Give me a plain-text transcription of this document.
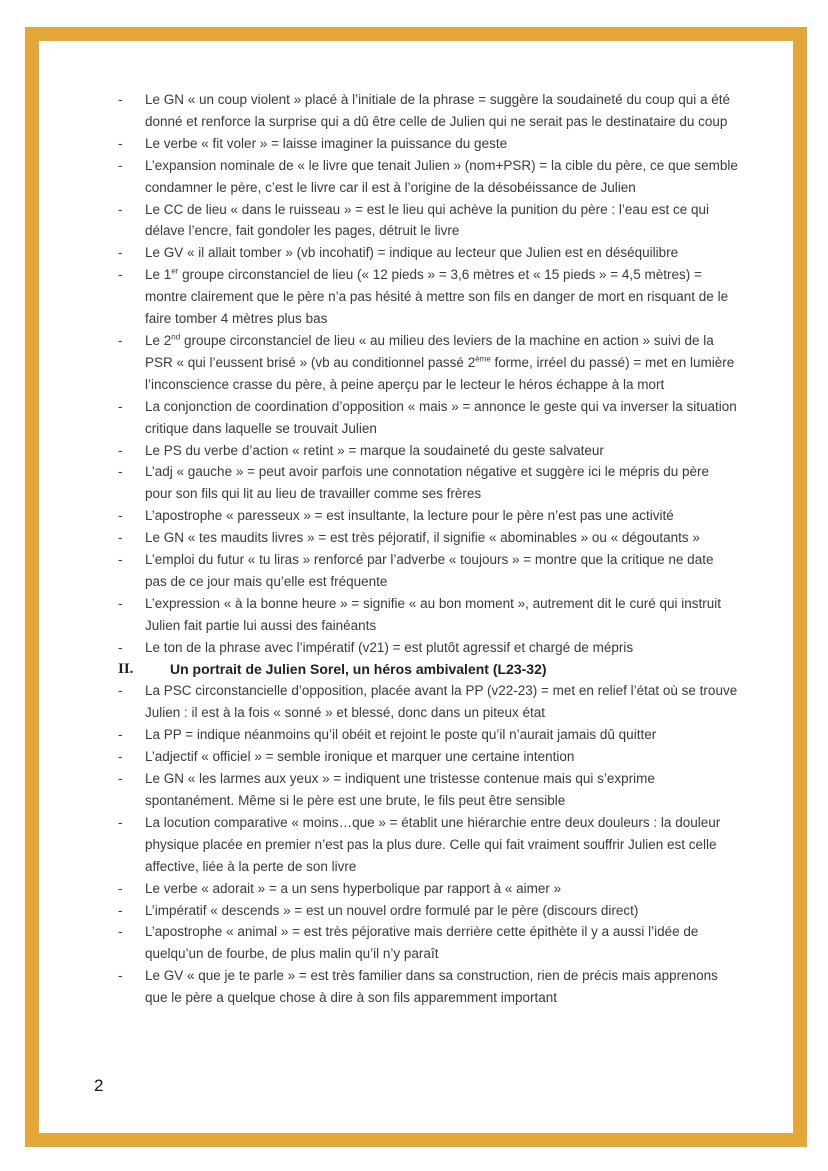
-	Le GN « un coup violent » placé à l’initiale de la phrase = suggère la soudaineté du coup qui a été donné et renforce la surprise qui a dû être celle de Julien qui ne serait pas le destinataire du coup
-	Le verbe « fit voler » = laisse imaginer la puissance du geste
-	L’expansion nominale de « le livre que tenait Julien » (nom+PSR) = la cible du père, ce que semble condamner le père, c’est le livre car il est à l’origine de la désobéissance de Julien
-	Le CC de lieu « dans le ruisseau » = est le lieu qui achève la punition du père : l’eau est ce qui délave l’encre, fait gondoler les pages, détruit le livre
-	Le GV « il allait tomber » (vb incohatif) = indique au lecteur que Julien est en déséquilibre
-	Le 1er groupe circonstanciel de lieu (« 12 pieds » = 3,6 mètres et « 15 pieds » = 4,5 mètres) = montre clairement que le père n’a pas hésité à mettre son fils en danger de mort en risquant de le faire tomber 4 mètres plus bas
-	Le 2nd groupe circonstanciel de lieu « au milieu des leviers de la machine en action » suivi de la PSR « qui l’eussent brisé » (vb au conditionnel passé 2ème forme, irréel du passé) = met en lumière l’inconscience crasse du père, à peine aperçu par le lecteur le héros échappe à la mort
-	La conjonction de coordination d’opposition « mais » = annonce le geste qui va inverser la situation critique dans laquelle se trouvait Julien
-	Le PS du verbe d’action « retint » = marque la soudaineté du geste salvateur
-	L’adj « gauche » = peut avoir parfois une connotation négative et suggère ici le mépris du père pour son fils qui lit au lieu de travailler comme ses frères
-	L’apostrophe « paresseux » = est insultante, la lecture pour le père n’est pas une activité
-	Le GN « tes maudits livres » = est très péjoratif, il signifie « abominables » ou « dégoutants »
-	L’emploi du futur « tu liras » renforcé par l’adverbe « toujours » = montre que la critique ne date pas de ce jour mais qu’elle est fréquente
-	L’expression « à la bonne heure » = signifie « au bon moment », autrement dit le curé qui instruit Julien fait partie lui aussi des fainéants
-	Le ton de la phrase avec l’impératif (v21) = est plutôt agressif et chargé de mépris
II.	Un portrait de Julien Sorel, un héros ambivalent (L23-32)
-	La PSC circonstancielle d’opposition, placée avant la PP (v22-23) = met en relief l’état où se trouve Julien : il est à la fois « sonné » et blessé, donc dans un piteux état
-	La PP = indique néanmoins qu’il obéit et rejoint le poste qu’il n’aurait jamais dû quitter
-	L’adjectif « officiel » = semble ironique et marquer une certaine intention
-	Le GN « les larmes aux yeux » = indiquent une tristesse contenue mais qui s’exprime spontanément. Même si le père est une brute, le fils peut être sensible
-	La locution comparative « moins…que » = établit une hiérarchie entre deux douleurs : la douleur physique placée en premier n’est pas la plus dure. Celle qui fait vraiment souffrir Julien est celle affective, liée à la perte de son livre
-	Le verbe « adorait » = a un sens hyperbolique par rapport à « aimer »
-	L’impératif « descends » = est un nouvel ordre formulé par le père (discours direct)
-	L’apostrophe « animal » = est très péjorative mais derrière cette épithète il y a aussi l’idée de quelqu’un de fourbe, de plus malin qu’il n’y paraît
-	Le GV « que je te parle » = est très familier dans sa construction, rien de précis mais apprenons que le père a quelque chose à dire à son fils apparemment important
2
